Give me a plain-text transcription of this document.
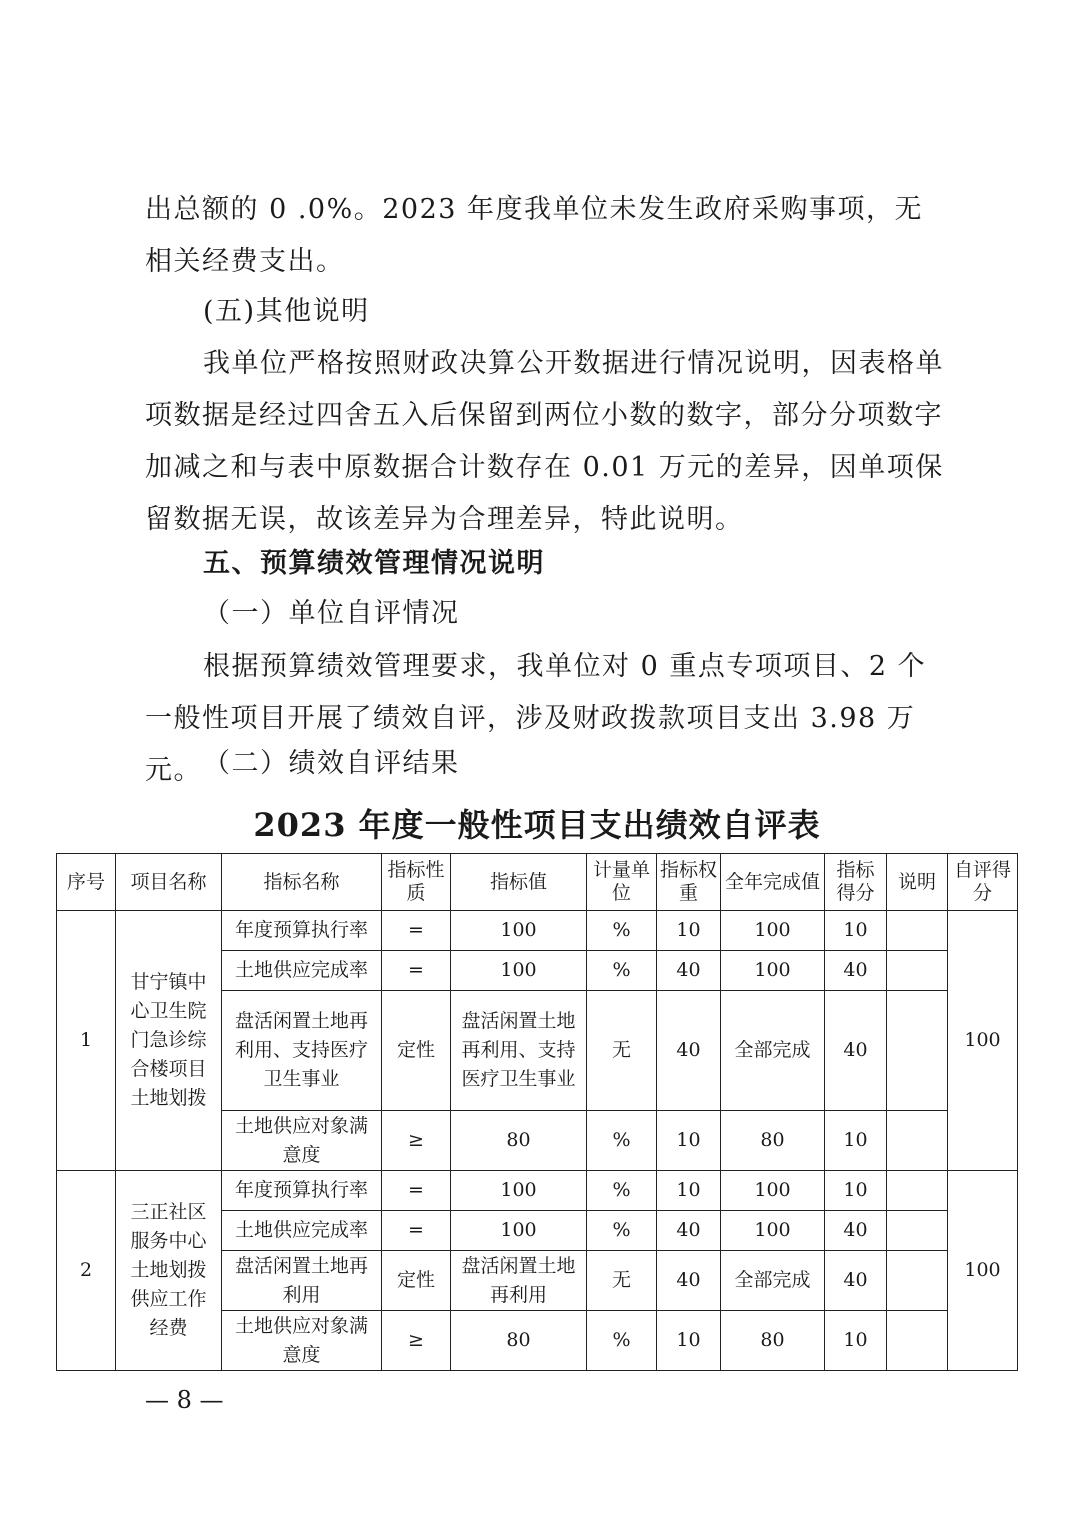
出总额的 0 .0%。2023 年度我单位未发生政府采购事项，无相关经费支出。

(五)其他说明

我单位严格按照财政决算公开数据进行情况说明，因表格单项数据是经过四舍五入后保留到两位小数的数字，部分分项数字加减之和与表中原数据合计数存在 0.01 万元的差异，因单项保留数据无误，故该差异为合理差异，特此说明。

五、预算绩效管理情况说明

（一）单位自评情况

根据预算绩效管理要求，我单位对 0 重点专项项目、2 个一般性项目开展了绩效自评，涉及财政拨款项目支出 3.98 万元。 （二）绩效自评结果

2023 年度一般性项目支出绩效自评表
序号	项目名称	指标名称	指标性质	指标值	计量单位	指标权重	全年完成值	指标得分	说明	自评得分
1	甘宁镇中心卫生院门急诊综合楼项目土地划拨	年度预算执行率	=	100	%	10	100	10		100
		土地供应完成率	=	100	%	40	100	40		
		盘活闲置土地再利用、支持医疗卫生事业	定性	盘活闲置土地再利用、支持医疗卫生事业	无	40	全部完成	40		
		土地供应对象满意度	≥	80	%	10	80	10		
2	三正社区服务中心土地划拨供应工作经费	年度预算执行率	=	100	%	10	100	10		100
		土地供应完成率	=	100	%	40	100	40		
		盘活闲置土地再利用	定性	盘活闲置土地再利用	无	40	全部完成	40		
		土地供应对象满意度	≥	80	%	10	80	10		

— 8 —
